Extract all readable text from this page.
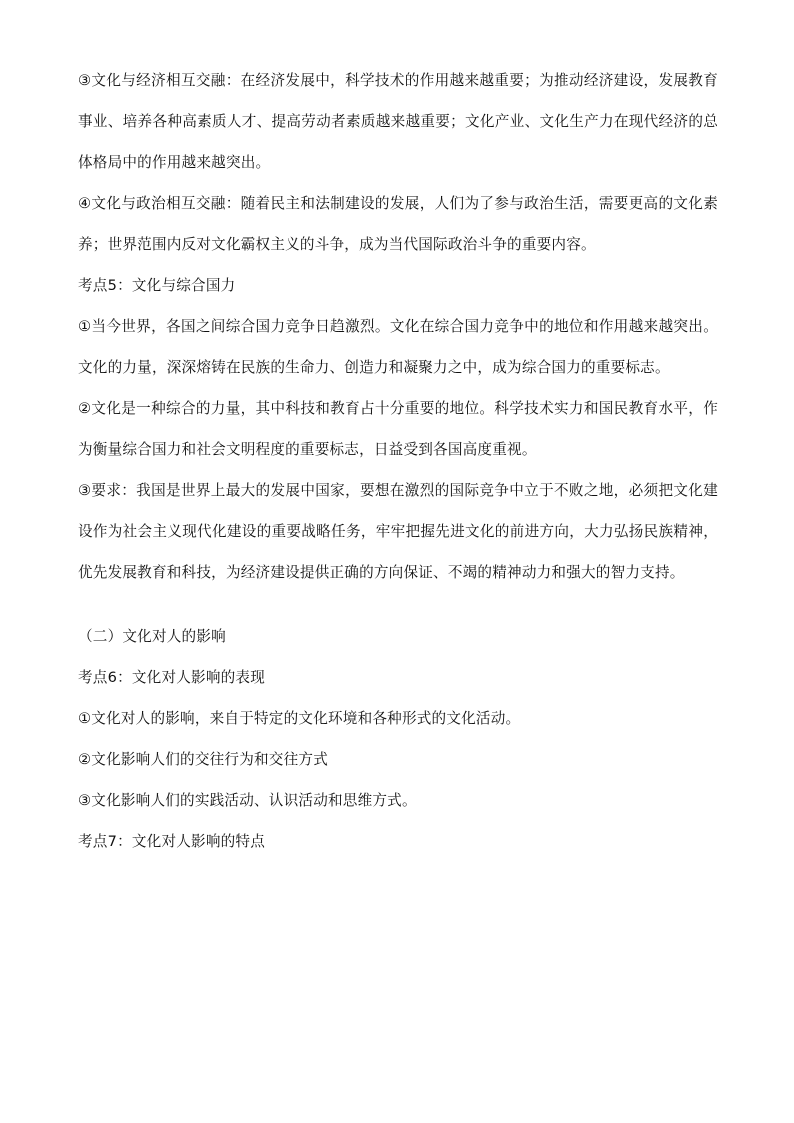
③文化与经济相互交融：在经济发展中，科学技术的作用越来越重要；为推动经济建设，发展教育事业、培养各种高素质人才、提高劳动者素质越来越重要；文化产业、文化生产力在现代经济的总体格局中的作用越来越突出。

④文化与政治相互交融：随着民主和法制建设的发展，人们为了参与政治生活，需要更高的文化素养；世界范围内反对文化霸权主义的斗争，成为当代国际政治斗争的重要内容。

考点5：文化与综合国力

①当今世界，各国之间综合国力竞争日趋激烈。文化在综合国力竞争中的地位和作用越来越突出。文化的力量，深深熔铸在民族的生命力、创造力和凝聚力之中，成为综合国力的重要标志。

②文化是一种综合的力量，其中科技和教育占十分重要的地位。科学技术实力和国民教育水平，作为衡量综合国力和社会文明程度的重要标志，日益受到各国高度重视。

③要求：我国是世界上最大的发展中国家，要想在激烈的国际竞争中立于不败之地，必须把文化建设作为社会主义现代化建设的重要战略任务，牢牢把握先进文化的前进方向，大力弘扬民族精神，优先发展教育和科技，为经济建设提供正确的方向保证、不竭的精神动力和强大的智力支持。

（二）文化对人的影响

考点6：文化对人影响的表现

①文化对人的影响，来自于特定的文化环境和各种形式的文化活动。

②文化影响人们的交往行为和交往方式

③文化影响人们的实践活动、认识活动和思维方式。

考点7：文化对人影响的特点
